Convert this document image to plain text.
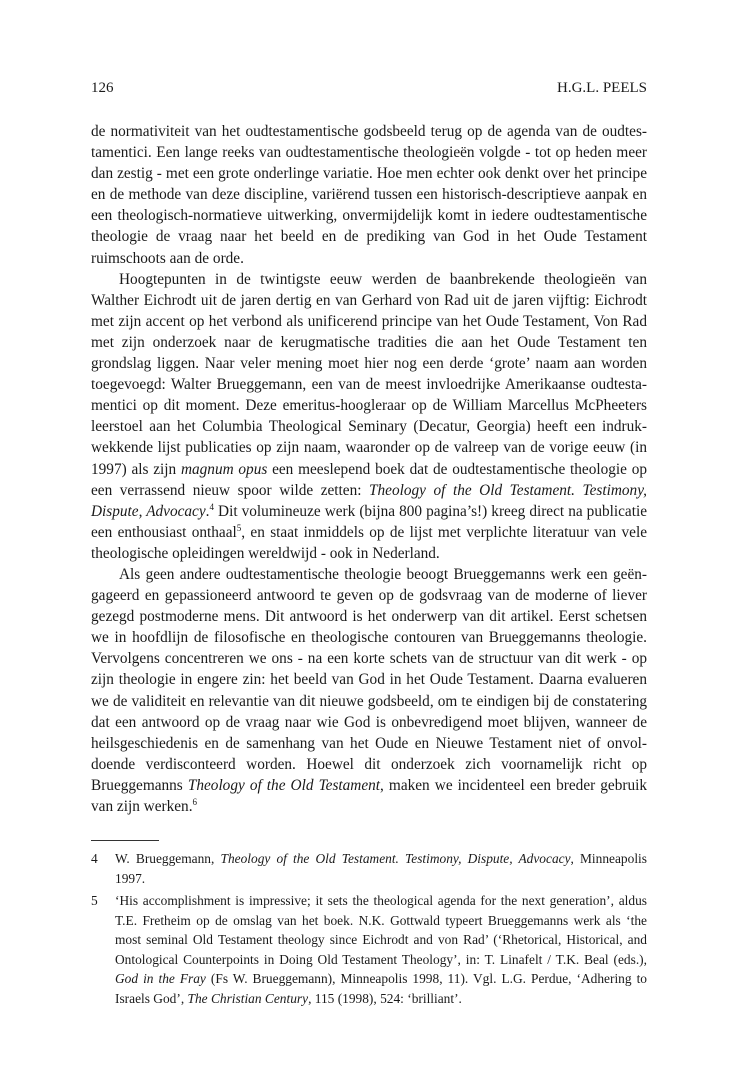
126	H.G.L. PEELS

de normativiteit van het oudtestamentische godsbeeld terug op de agenda van de oudtestamentici. Een lange reeks van oudtestamentische theologieën volgde - tot op heden meer dan zestig - met een grote onderlinge variatie. Hoe men echter ook denkt over het principe en de methode van deze discipline, variërend tussen een historisch-descriptieve aanpak en een theologisch-normatieve uitwerking, onvermijdelijk komt in iedere oudtestamentische theologie de vraag naar het beeld en de prediking van God in het Oude Testament ruimschoots aan de orde.

Hoogtepunten in de twintigste eeuw werden de baanbrekende theologieën van Walther Eichrodt uit de jaren dertig en van Gerhard von Rad uit de jaren vijftig: Eichrodt met zijn accent op het verbond als unificerend principe van het Oude Testament, Von Rad met zijn onderzoek naar de kerugmatische tradities die aan het Oude Testament ten grondslag liggen. Naar veler mening moet hier nog een derde ‘grote’ naam aan worden toegevoegd: Walter Brueggemann, een van de meest invloedrijke Amerikaanse oudtestamentici op dit moment. Deze emeritus-hoogleraar op de William Marcellus McPheeters leerstoel aan het Columbia Theological Seminary (Decatur, Georgia) heeft een indrukwekkende lijst publicaties op zijn naam, waaronder op de valreep van de vorige eeuw (in 1997) als zijn magnum opus een meeslepend boek dat de oudtestamentische theologie op een verrassend nieuw spoor wilde zetten: Theology of the Old Testament. Testimony, Dispute, Advocacy.$^4$ Dit volumineuze werk (bijna 800 pagina’s!) kreeg direct na publicatie een enthousiast onthaal$^5$, en staat inmiddels op de lijst met verplichte literatuur van vele theologische opleidingen wereldwijd - ook in Nederland.

Als geen andere oudtestamentische theologie beoogt Brueggemanns werk een geëngageerd en gepassioneerd antwoord te geven op de godsvraag van de moderne of liever gezegd postmoderne mens. Dit antwoord is het onderwerp van dit artikel. Eerst schetsen we in hoofdlijn de filosofische en theologische contouren van Brueggemanns theologie. Vervolgens concentreren we ons - na een korte schets van de structuur van dit werk - op zijn theologie in engere zin: het beeld van God in het Oude Testament. Daarna evalueren we de validiteit en relevantie van dit nieuwe godsbeeld, om te eindigen bij de constatering dat een antwoord op de vraag naar wie God is onbevredigend moet blijven, wanneer de heilsgeschiedenis en de samenhang van het Oude en Nieuwe Testament niet of onvoldoende verdisconteerd worden. Hoewel dit onderzoek zich voornamelijk richt op Brueggemanns Theology of the Old Testament, maken we incidenteel een breder gebruik van zijn werken.$^6$

4	W. Brueggemann, Theology of the Old Testament. Testimony, Dispute, Advocacy, Minneapolis 1997.
5	‘His accomplishment is impressive; it sets the theological agenda for the next generation’, aldus T.E. Fretheim op de omslag van het boek. N.K. Gottwald typeert Brueggemanns werk als ‘the most seminal Old Testament theology since Eichrodt and von Rad’ (‘Rhetorical, Historical, and Ontological Counterpoints in Doing Old Testament Theology’, in: T. Linafelt / T.K. Beal (eds.), God in the Fray (Fs W. Brueggemann), Minneapolis 1998, 11). Vgl. L.G. Perdue, ‘Adhering to Israels God’, The Christian Century, 115 (1998), 524: ‘brilliant’.
